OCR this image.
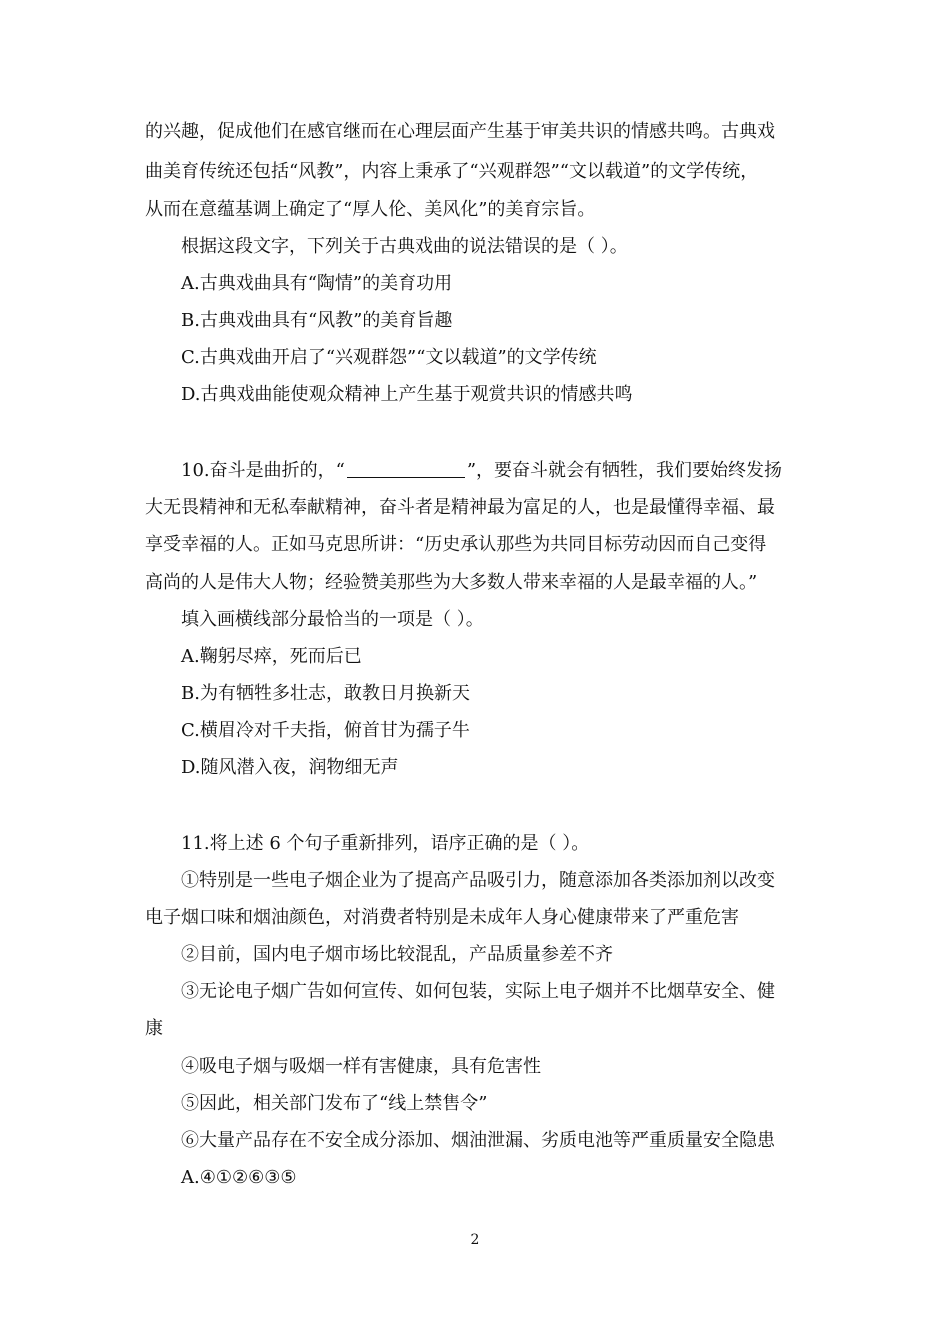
的兴趣，促成他们在感官继而在心理层面产生基于审美共识的情感共鸣。古典戏
曲美育传统还包括“风教”，内容上秉承了“兴观群怨”“文以载道”的文学传统，
从而在意蕴基调上确定了“厚人伦、美风化”的美育宗旨。
根据这段文字，下列关于古典戏曲的说法错误的是（ ）。
A.古典戏曲具有“陶情”的美育功用
B.古典戏曲具有“风教”的美育旨趣
C.古典戏曲开启了“兴观群怨”“文以载道”的文学传统
D.古典戏曲能使观众精神上产生基于观赏共识的情感共鸣
10.奋斗是曲折的，“	”，要奋斗就会有牺牲，我们要始终发扬
大无畏精神和无私奉献精神，奋斗者是精神最为富足的人，也是最懂得幸福、最
享受幸福的人。正如马克思所讲：“历史承认那些为共同目标劳动因而自己变得
高尚的人是伟大人物；经验赞美那些为大多数人带来幸福的人是最幸福的人。”
填入画横线部分最恰当的一项是（ ）。
A.鞠躬尽瘁，死而后已
B.为有牺牲多壮志，敢教日月换新天
C.横眉冷对千夫指，俯首甘为孺子牛
D.随风潜入夜，润物细无声
11.将上述 6 个句子重新排列，语序正确的是（ ）。
①特别是一些电子烟企业为了提高产品吸引力，随意添加各类添加剂以改变
电子烟口味和烟油颜色，对消费者特别是未成年人身心健康带来了严重危害
②目前，国内电子烟市场比较混乱，产品质量参差不齐
③无论电子烟广告如何宣传、如何包装，实际上电子烟并不比烟草安全、健
康
④吸电子烟与吸烟一样有害健康，具有危害性
⑤因此，相关部门发布了“线上禁售令”
⑥大量产品存在不安全成分添加、烟油泄漏、劣质电池等严重质量安全隐患
A.④①②⑥③⑤
2
